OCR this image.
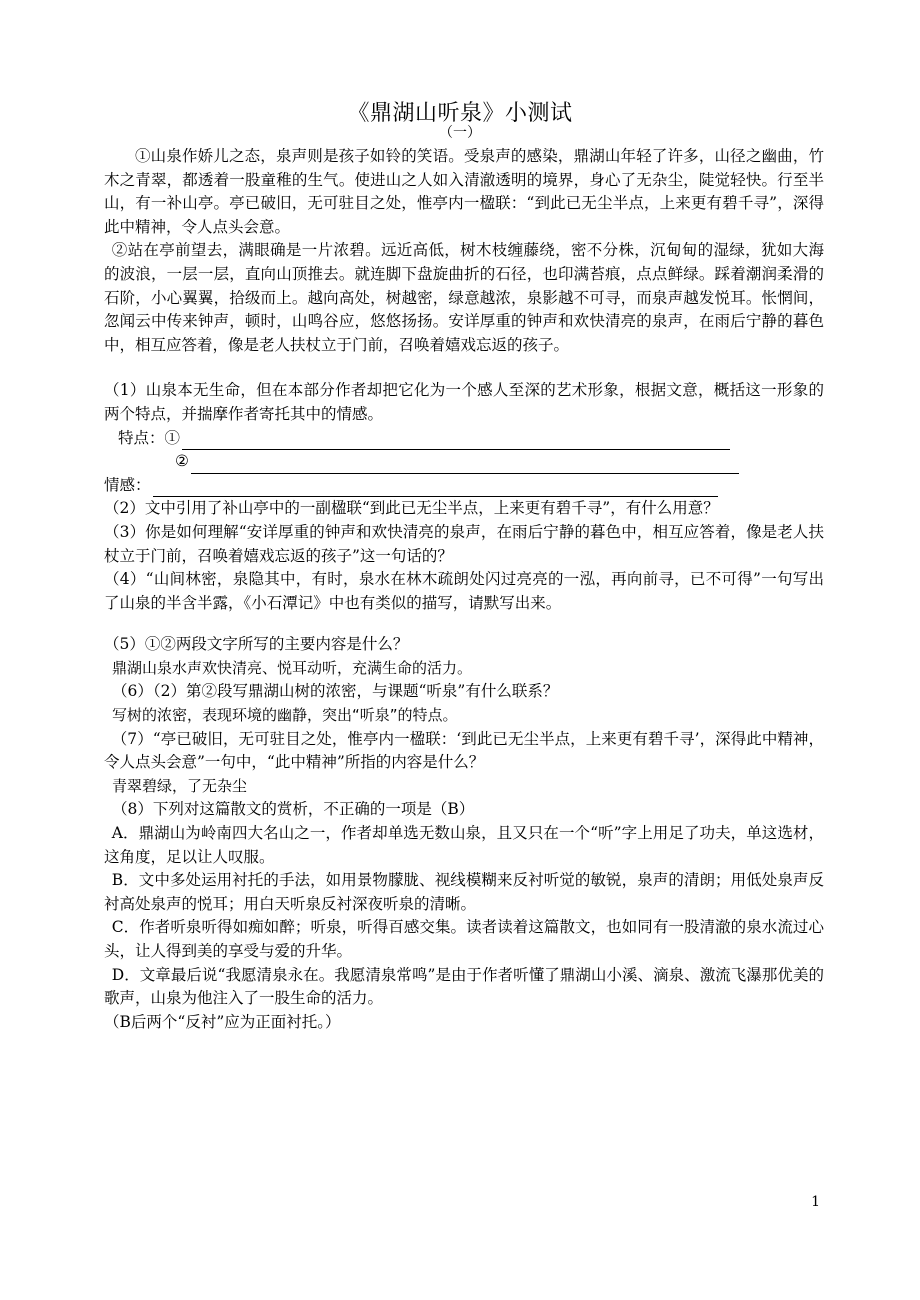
《鼎湖山听泉》小测试
（一）

①山泉作娇儿之态，泉声则是孩子如铃的笑语。受泉声的感染，鼎湖山年轻了许多，山径之幽曲，竹木之青翠，都透着一股童稚的生气。使进山之人如入清澈透明的境界，身心了无杂尘，陡觉轻快。行至半山，有一补山亭。亭已破旧，无可驻目之处，惟亭内一楹联：“到此已无尘半点，上来更有碧千寻”，深得此中精神，令人点头会意。

②站在亭前望去，满眼确是一片浓碧。远近高低，树木枝缠藤绕，密不分株，沉甸甸的湿绿，犹如大海的波浪，一层一层，直向山顶推去。就连脚下盘旋曲折的石径，也印满苔痕，点点鲜绿。踩着潮润柔滑的石阶，小心翼翼，拾级而上。越向高处，树越密，绿意越浓，泉影越不可寻，而泉声越发悦耳。怅惘间，忽闻云中传来钟声，顿时，山鸣谷应，悠悠扬扬。安详厚重的钟声和欢快清亮的泉声，在雨后宁静的暮色中，相互应答着，像是老人扶杖立于门前，召唤着嬉戏忘返的孩子。

（1）山泉本无生命，但在本部分作者却把它化为一个感人至深的艺术形象，根据文意，概括这一形象的两个特点，并揣摩作者寄托其中的情感。

特点：①
②
情感：

（2）文中引用了补山亭中的一副楹联“到此已无尘半点，上来更有碧千寻”，有什么用意？

（3）你是如何理解“安详厚重的钟声和欢快清亮的泉声，在雨后宁静的暮色中，相互应答着，像是老人扶杖立于门前，召唤着嬉戏忘返的孩子”这一句话的？

（4）“山间林密，泉隐其中，有时，泉水在林木疏朗处闪过亮亮的一泓，再向前寻，已不可得”一句写出了山泉的半含半露，《小石潭记》中也有类似的描写，请默写出来。

（5）①②两段文字所写的主要内容是什么？

鼎湖山泉水声欢快清亮、悦耳动听，充满生命的活力。

（6）（2）第②段写鼎湖山树的浓密，与课题“听泉”有什么联系？

写树的浓密，表现环境的幽静，突出“听泉”的特点。

（7）“亭已破旧，无可驻目之处，惟亭内一楹联：‘到此已无尘半点，上来更有碧千寻’，深得此中精神，令人点头会意”一句中，“此中精神”所指的内容是什么？

青翠碧绿，了无杂尘

（8）下列对这篇散文的赏析，不正确的一项是（B）

A．鼎湖山为岭南四大名山之一，作者却单选无数山泉，且又只在一个“听”字上用足了功夫，单这选材，这角度，足以让人叹服。

B．文中多处运用衬托的手法，如用景物朦胧、视线模糊来反衬听觉的敏锐，泉声的清朗；用低处泉声反衬高处泉声的悦耳；用白天听泉反衬深夜听泉的清晰。

C．作者听泉听得如痴如醉；听泉，听得百感交集。读者读着这篇散文，也如同有一股清澈的泉水流过心头，让人得到美的享受与爱的升华。

D．文章最后说“我愿清泉永在。我愿清泉常鸣”是由于作者听懂了鼎湖山小溪、滴泉、激流飞瀑那优美的歌声，山泉为他注入了一股生命的活力。

（B后两个“反衬”应为正面衬托。）

1
